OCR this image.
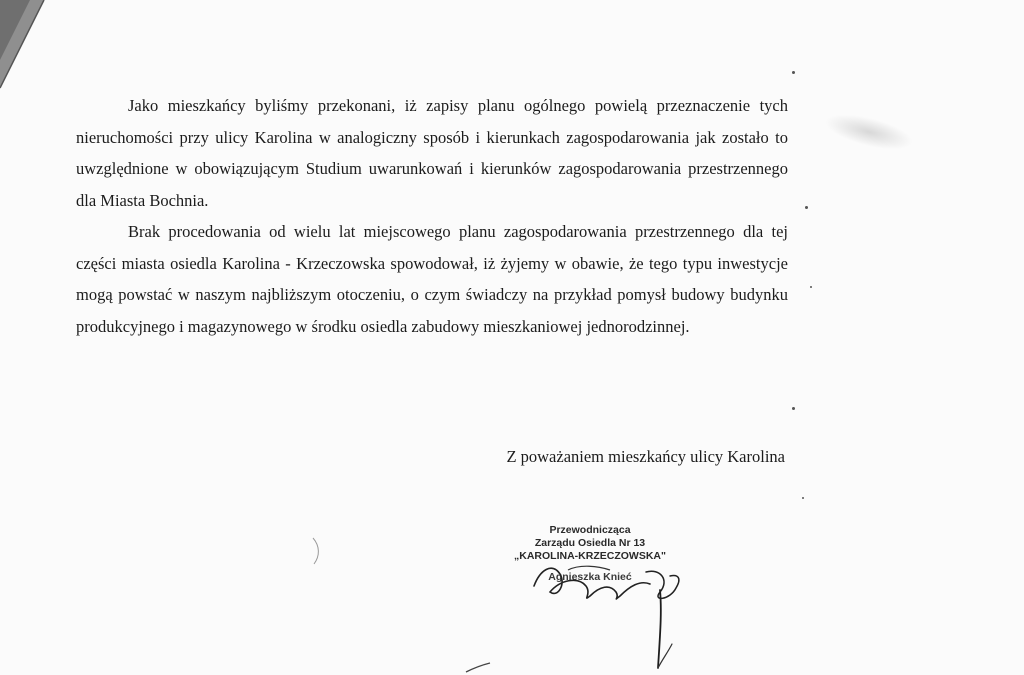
Jako mieszkańcy byliśmy przekonani, iż zapisy planu ogólnego powielą przeznaczenie tych nieruchomości przy ulicy Karolina w analogiczny sposób i kierunkach zagospodarowania jak zostało to uwzględnione w obowiązującym Studium uwarunkowań i kierunków zagospodarowania przestrzennego dla Miasta Bochnia.

Brak procedowania od wielu lat miejscowego planu zagospodarowania przestrzennego dla tej części miasta osiedla Karolina - Krzeczowska spowodował, iż żyjemy w obawie, że tego typu inwestycje mogą powstać w naszym najbliższym otoczeniu, o czym świadczy na przykład pomysł budowy budynku produkcyjnego i magazynowego w środku osiedla zabudowy mieszkaniowej jednorodzinnej.

Z poważaniem mieszkańcy ulicy Karolina
Przewodnicząca
Zarządu Osiedla Nr 13
„KAROLINA-KRZECZOWSKA"
Agnieszka Knieć
